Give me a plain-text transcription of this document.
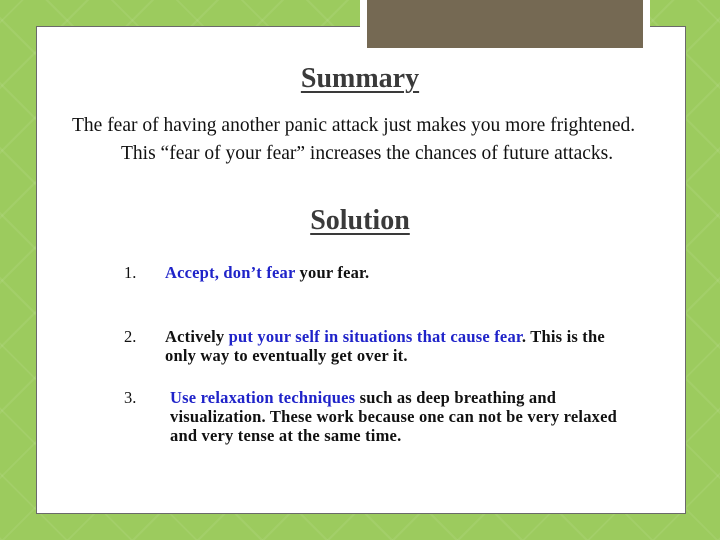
Summary
The fear of having another panic attack just makes you more frightened.
This “fear of your fear” increases the chances of future attacks.
Solution
1. Accept, don’t fear your fear.
2. Actively put your self in situations that cause fear. This is the only way to eventually get over it.
3. Use relaxation techniques such as deep breathing and visualization. These work because one can not be very relaxed and very tense at the same time.
